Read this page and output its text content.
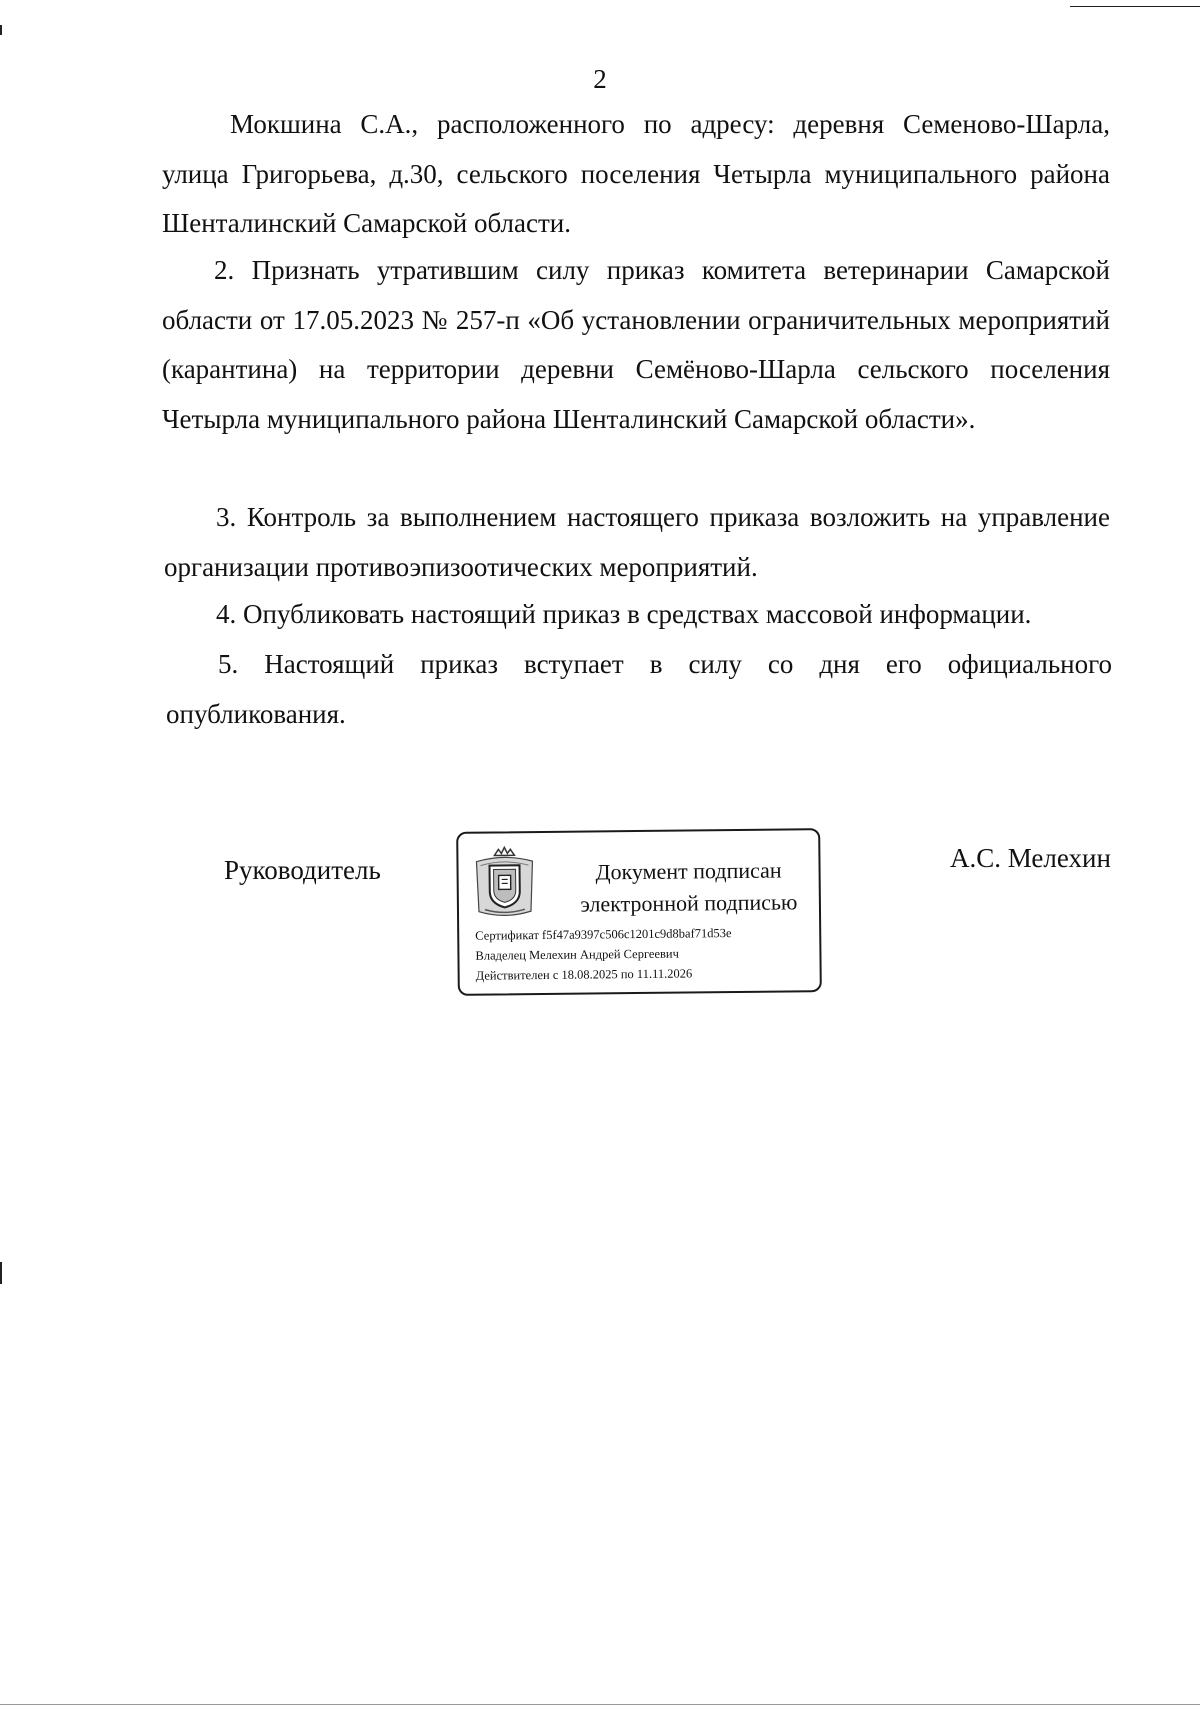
2
Мокшина С.А., расположенного по адресу: деревня Семеново-Шарла, улица Григорьева, д.30, сельского поселения Четырла муниципального района Шенталинский Самарской области.
2. Признать утратившим силу приказ комитета ветеринарии Самарской области от 17.05.2023 № 257-п «Об установлении ограничительных мероприятий (карантина) на территории деревни Семёново-Шарла сельского поселения Четырла муниципального района Шенталинский Самарской области».
3. Контроль за выполнением настоящего приказа возложить на управление организации противоэпизоотических мероприятий.
4. Опубликовать настоящий приказ в средствах массовой информации.
5. Настоящий приказ вступает в силу со дня его официального опубликования.
Руководитель	Документ подписан
электронной подписью
Сертификат f5f47a9397c506c1201c9d8baf71d53e
Владелец Мелехин Андрей Сергеевич
Действителен с 18.08.2025 по 11.11.2026
А.С. Мелехин
